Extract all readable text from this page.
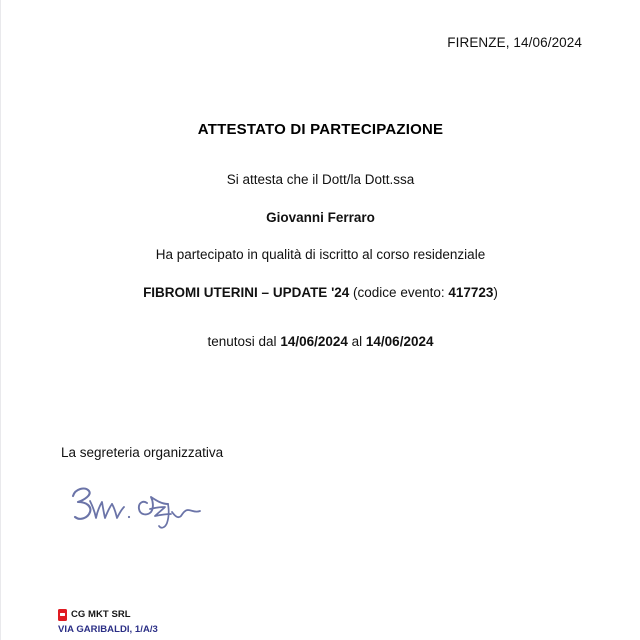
FIRENZE, 14/06/2024
ATTESTATO DI PARTECIPAZIONE
Si attesta che il Dott/la Dott.ssa
Giovanni Ferraro
Ha partecipato in qualità di iscritto al corso residenziale
FIBROMI UTERINI – UPDATE '24 (codice evento: 417723)
tenutosi dal 14/06/2024 al 14/06/2024
La segreteria organizzativa
CG MKT SRL
VIA GARIBALDI, 1/A/3
